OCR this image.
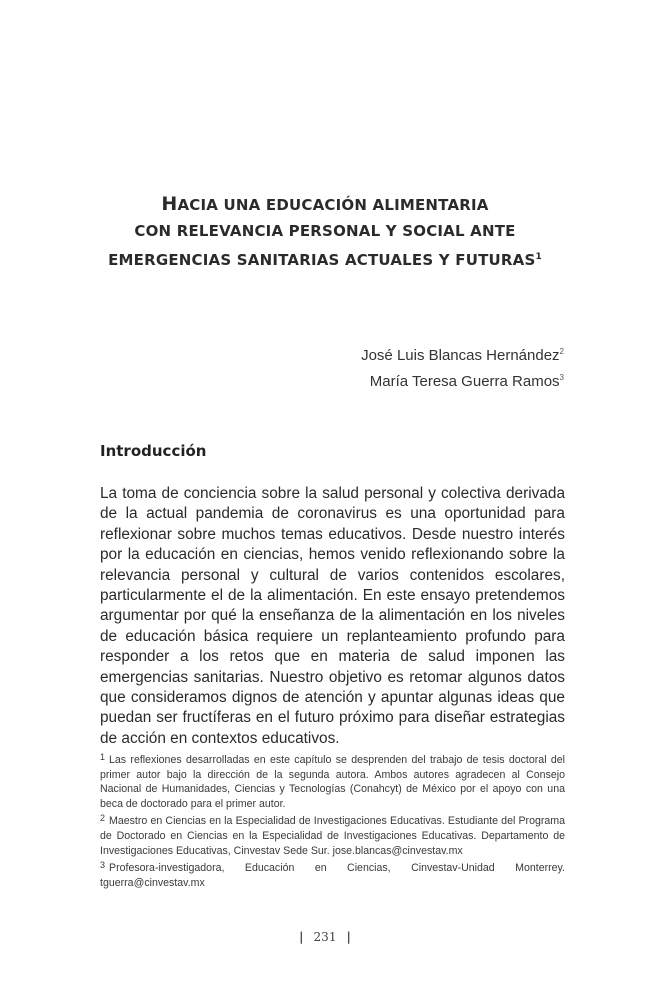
HACIA UNA EDUCACIÓN ALIMENTARIA
CON RELEVANCIA PERSONAL Y SOCIAL ANTE
EMERGENCIAS SANITARIAS ACTUALES Y FUTURAS$^1$
José Luis Blancas Hernández$^2$
María Teresa Guerra Ramos$^3$
Introducción
La toma de conciencia sobre la salud personal y colectiva derivada de la actual pandemia de coronavirus es una oportunidad para reflexionar sobre muchos temas educativos. Desde nuestro interés por la educación en ciencias, hemos venido reflexionando sobre la relevancia personal y cultural de varios contenidos escolares, particularmente el de la alimentación. En este ensayo pretendemos argumentar por qué la enseñanza de la alimentación en los niveles de educación básica requiere un replanteamiento profundo para responder a los retos que en materia de salud imponen las emergencias sanitarias. Nuestro objetivo es retomar algunos datos que consideramos dignos de atención y apuntar algunas ideas que puedan ser fructíferas en el futuro próximo para diseñar estrategias de acción en contextos educativos.

$^1$ Las reflexiones desarrolladas en este capítulo se desprenden del trabajo de tesis doctoral del primer autor bajo la dirección de la segunda autora. Ambos autores agradecen al Consejo Nacional de Humanidades, Ciencias y Tecnologías (Conahcyt) de México por el apoyo con una beca de doctorado para el primer autor.

$^2$ Maestro en Ciencias en la Especialidad de Investigaciones Educativas. Estudiante del Programa de Doctorado en Ciencias en la Especialidad de Investigaciones Educativas. Departamento de Investigaciones Educativas, Cinvestav Sede Sur. jose.blancas@cinvestav.mx

$^3$ Profesora-investigadora, Educación en Ciencias, Cinvestav-Unidad Monterrey. tguerra@cinvestav.mx

| 231 |
